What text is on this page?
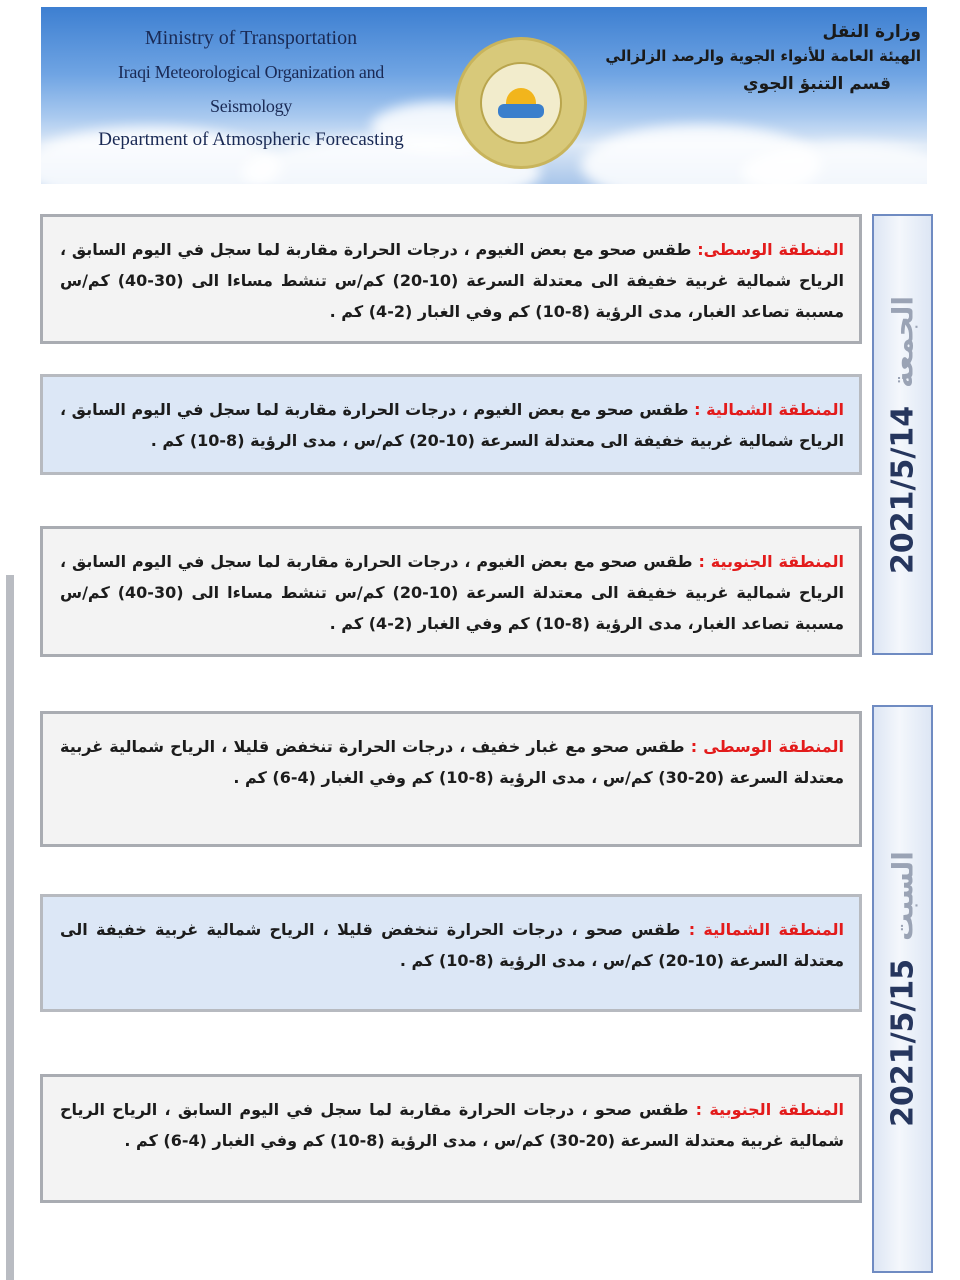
Ministry of Transportation
Iraqi Meteorological Organization and Seismology
Department of Atmospheric Forecasting
وزارة النقل
الهيئة العامة للأنواء الجوية والرصد الزلزالي
قسم التنبؤ الجوي
2021/5/14
الجمعة
2021/5/15
السبت
المنطقة الوسطى: طقس صحو مع بعض الغيوم ، درجات الحرارة مقاربة لما سجل في اليوم السابق ، الرياح شمالية غربية خفيفة الى معتدلة السرعة (10-20) كم/س تنشط مساءا الى (30-40) كم/س مسببة تصاعد الغبار، مدى الرؤية (8-10) كم وفي الغبار (2-4) كم .
المنطقة الشمالية : طقس صحو مع بعض الغيوم ، درجات الحرارة مقاربة لما سجل في اليوم السابق ، الرياح شمالية غربية خفيفة الى معتدلة السرعة (10-20) كم/س ، مدى الرؤية (8-10) كم .
المنطقة الجنوبية : طقس صحو مع بعض الغيوم ، درجات الحرارة مقاربة لما سجل في اليوم السابق ، الرياح شمالية غربية خفيفة الى معتدلة السرعة (10-20) كم/س تنشط مساءا الى (30-40) كم/س مسببة تصاعد الغبار، مدى الرؤية (8-10) كم وفي الغبار (2-4) كم .
المنطقة الوسطى : طقس صحو مع غبار خفيف ، درجات الحرارة تنخفض قليلا ، الرياح شمالية غربية معتدلة السرعة (20-30) كم/س ، مدى الرؤية (8-10) كم وفي الغبار (4-6) كم .
المنطقة الشمالية : طقس صحو ، درجات الحرارة تنخفض قليلا ، الرياح شمالية غربية خفيفة الى معتدلة السرعة (10-20) كم/س ، مدى الرؤية (8-10) كم .
المنطقة الجنوبية : طقس صحو ، درجات الحرارة مقاربة لما سجل في اليوم السابق ، الرياح الرياح شمالية غربية معتدلة السرعة (20-30) كم/س ، مدى الرؤية (8-10) كم وفي الغبار (4-6) كم .
